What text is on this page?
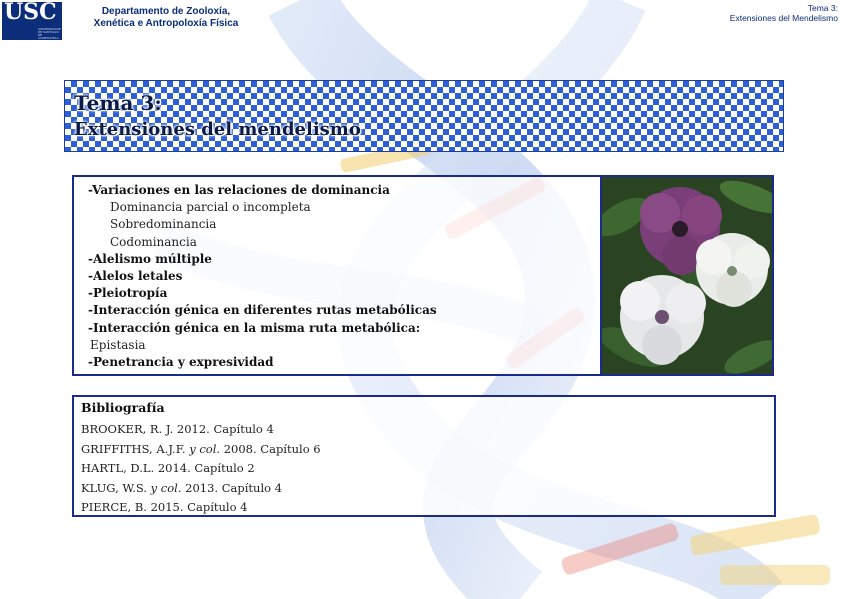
USC
UNIVERSIDADE DE SANTIAGO DE COMPOSTELA
Departamento de Zooloxía,
Xenética e Antropoloxía Física
Tema 3:
Extensiones del Mendelismo
Tema 3:
Extensiones del mendelismo
-Variaciones en las relaciones de dominancia
Dominancia parcial o incompleta
Sobredominancia
Codominancia
-Alelismo múltiple
-Alelos letales
-Pleiotropía
-Interacción génica en diferentes rutas metabólicas
-Interacción génica en la misma ruta metabólica:
Epistasia
-Penetrancia y expresividad
Bibliografía
BROOKER, R. J. 2012. Capítulo 4
GRIFFITHS, A.J.F. y col. 2008. Capítulo 6
HARTL, D.L. 2014. Capítulo 2
KLUG, W.S. y col. 2013. Capítulo 4
PIERCE, B. 2015. Capítulo 4
